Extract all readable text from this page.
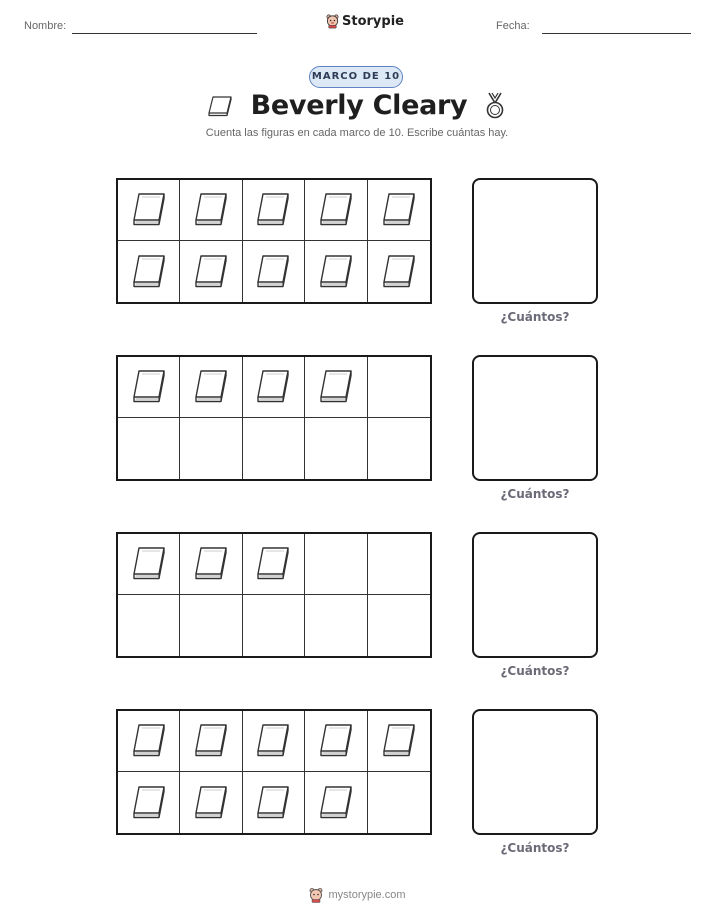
Nombre:	Storypie	Fecha:
MARCO DE 10
Beverly Cleary
Cuenta las figuras en cada marco de 10. Escribe cuántas hay.
¿Cuántos?
¿Cuántos?
¿Cuántos?
¿Cuántos?
mystorypie.com
